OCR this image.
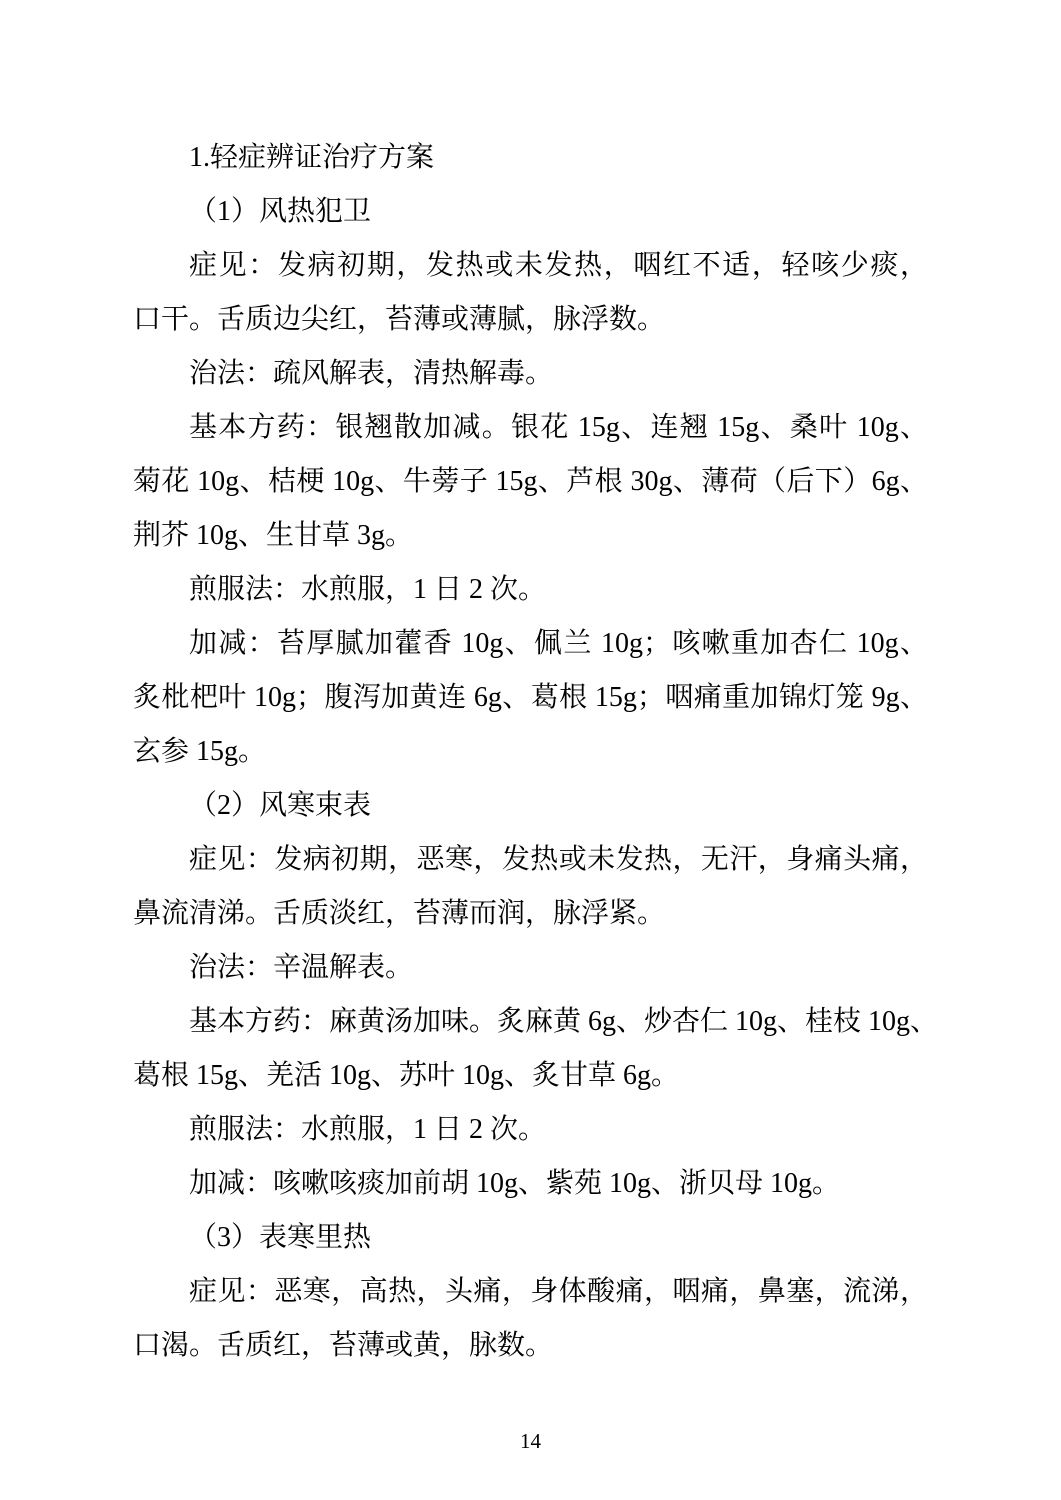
1.轻症辨证治疗方案
（1）风热犯卫
症见：发病初期，发热或未发热，咽红不适，轻咳少痰，
口干。舌质边尖红，苔薄或薄腻，脉浮数。
治法：疏风解表，清热解毒。
基本方药：银翘散加减。银花 15g、连翘 15g、桑叶 10g、
菊花 10g、桔梗 10g、牛蒡子 15g、芦根 30g、薄荷（后下）6g、
荆芥 10g、生甘草 3g。
煎服法：水煎服，1 日 2 次。
加减：苔厚腻加藿香 10g、佩兰 10g；咳嗽重加杏仁 10g、
炙枇杷叶 10g；腹泻加黄连 6g、葛根 15g；咽痛重加锦灯笼 9g、
玄参 15g。
（2）风寒束表
症见：发病初期，恶寒，发热或未发热，无汗，身痛头痛，
鼻流清涕。舌质淡红，苔薄而润，脉浮紧。
治法：辛温解表。
基本方药：麻黄汤加味。炙麻黄 6g、炒杏仁 10g、桂枝 10g、
葛根 15g、羌活 10g、苏叶 10g、炙甘草 6g。
煎服法：水煎服，1 日 2 次。
加减：咳嗽咳痰加前胡 10g、紫苑 10g、浙贝母 10g。
（3）表寒里热
症见：恶寒，高热，头痛，身体酸痛，咽痛，鼻塞，流涕，
口渴。舌质红，苔薄或黄，脉数。
14
